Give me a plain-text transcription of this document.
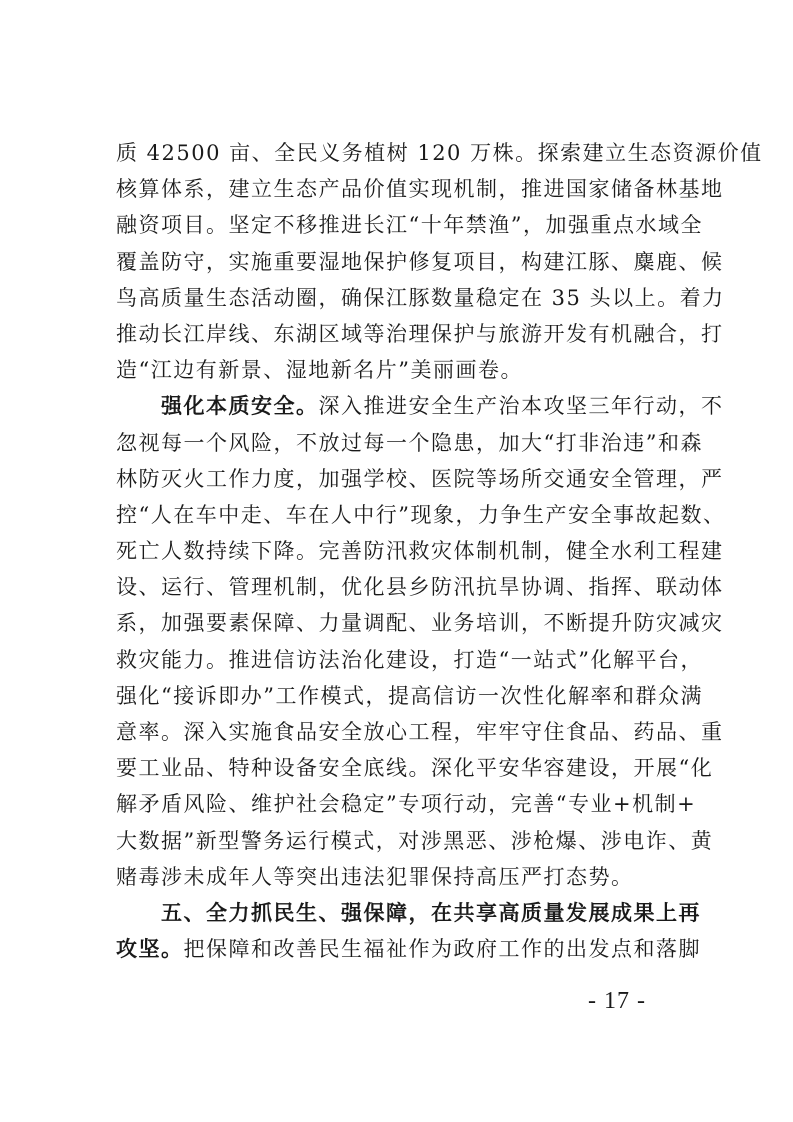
质 42500 亩、全民义务植树 120 万株。探索建立生态资源价值
核算体系，建立生态产品价值实现机制，推进国家储备林基地
融资项目。坚定不移推进长江“十年禁渔”，加强重点水域全
覆盖防守，实施重要湿地保护修复项目，构建江豚、麋鹿、候
鸟高质量生态活动圈，确保江豚数量稳定在 35 头以上。着力
推动长江岸线、东湖区域等治理保护与旅游开发有机融合，打
造“江边有新景、湿地新名片”美丽画卷。
强化本质安全。深入推进安全生产治本攻坚三年行动，不
忽视每一个风险，不放过每一个隐患，加大“打非治违”和森
林防灭火工作力度，加强学校、医院等场所交通安全管理，严
控“人在车中走、车在人中行”现象，力争生产安全事故起数、
死亡人数持续下降。完善防汛救灾体制机制，健全水利工程建
设、运行、管理机制，优化县乡防汛抗旱协调、指挥、联动体
系，加强要素保障、力量调配、业务培训，不断提升防灾减灾
救灾能力。推进信访法治化建设，打造“一站式”化解平台，
强化“接诉即办”工作模式，提高信访一次性化解率和群众满
意率。深入实施食品安全放心工程，牢牢守住食品、药品、重
要工业品、特种设备安全底线。深化平安华容建设，开展“化
解矛盾风险、维护社会稳定”专项行动，完善“专业+机制+
大数据”新型警务运行模式，对涉黑恶、涉枪爆、涉电诈、黄
赌毒涉未成年人等突出违法犯罪保持高压严打态势。
五、全力抓民生、强保障，在共享高质量发展成果上再
攻坚。把保障和改善民生福祉作为政府工作的出发点和落脚
- 17 -
